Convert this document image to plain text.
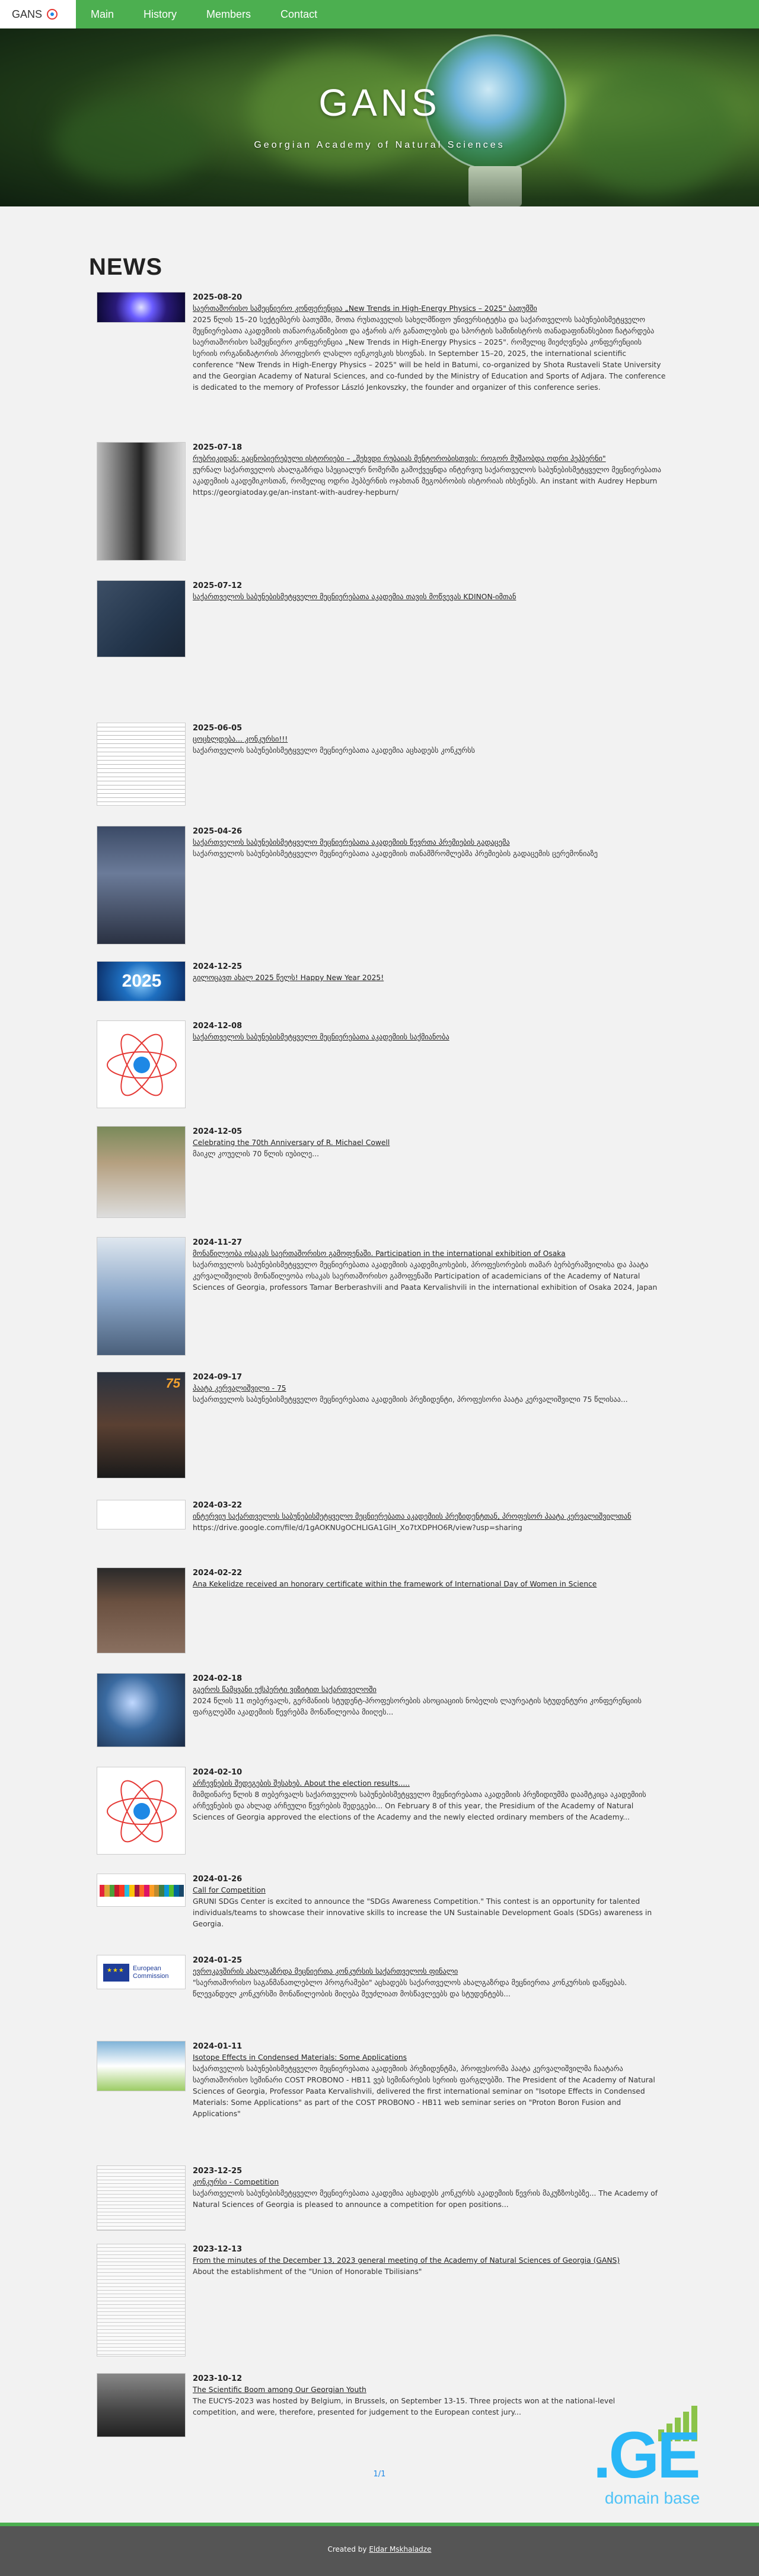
GANS	Main	History	Members	Contact
GANS
Georgian Academy of Natural Sciences
NEWS
2025-08-20
საერთაშორისო სამეცნიერო კონფერენცია „New Trends in High-Energy Physics – 2025" ბათუმში
2025 წლის 15–20 სექტემბერს ბათუმში, შოთა რუსთაველის სახელმწიფო უნივერსიტეტსა და საქართველოს საბუნებისმეტყველო მეცნიერებათა აკადემიის თანაორგანიზებით და აჭარის ა/რ განათლების და სპორტის სამინისტროს თანადაფინანსებით ჩატარდება საერთაშორისო სამეცნიერო კონფერენცია „New Trends in High-Energy Physics – 2025". რომელიც მიეძღვნება კონფერენციის სერიის ორგანიზატორის პროფესორ ლასლო იენკოვსკის ხსოვნას. In September 15–20, 2025, the international scientific conference "New Trends in High-Energy Physics – 2025" will be held in Batumi, co-organized by Shota Rustaveli State University and the Georgian Academy of Natural Sciences, and co-funded by the Ministry of Education and Sports of Adjara. The conference is dedicated to the memory of Professor László Jenkovszky, the founder and organizer of this conference series.
2025-07-18
რუბრიკიდან: გაცნობიერებული ისტორიები – „შეხვდი რუბაიას მენტორობისთვის: როგორ მუშაობდა ოდრი ჰეპბერნი"
ჟურნალ საქართველოს ახალგაზრდა სპეციალურ ნომერში გამოქვეყნდა ინტერვიუ საქართველოს საბუნებისმეტყველო მეცნიერებათა აკადემიის აკადემიკოსთან, რომელიც ოდრი ჰეპბერნის ოჯახთან მეგობრობის ისტორიას იხსენებს. An instant with Audrey Hepburn https://georgiatoday.ge/an-instant-with-audrey-hepburn/
2025-07-12
საქართველოს საბუნებისმეტყველო მეცნიერებათა აკადემია თავის მოწვევას KDINON-იმთან
2025-06-05
ცოცხლდება... კონკურსი!!!
საქართველოს საბუნებისმეტყველო მეცნიერებათა აკადემია აცხადებს კონკურსს
2025-04-26
საქართველოს საბუნებისმეტყველო მეცნიერებათა აკადემიის წევრთა პრემიების გადაცემა
საქართველოს საბუნებისმეტყველო მეცნიერებათა აკადემიის თანამშრომლებმა პრემიების გადაცემის ცერემონიაზე
2025
2024-12-25
გილოცავთ ახალ 2025 წელს! Happy New Year 2025!
2024-12-08
საქართველოს საბუნებისმეტყველო მეცნიერებათა აკადემიის საქმიანობა
2024-12-05
Celebrating the 70th Anniversary of R. Michael Cowell
მაიკლ კოუელის 70 წლის იუბილე...
2024-11-27
მონაწილეობა ოსაკას საერთაშორისო გამოფენაში. Participation in the international exhibition of Osaka
საქართველოს საბუნებისმეტყველო მეცნიერებათა აკადემიის აკადემიკოსების, პროფესორების თამარ ბერბერაშვილისა და პაატა კერვალიშვილის მონაწილეობა ოსაკას საერთაშორისო გამოფენაში Participation of academicians of the Academy of Natural Sciences of Georgia, professors Tamar Berberashvili and Paata Kervalishvili in the international exhibition of Osaka 2024, Japan
75 2024-09-17
პაატა კერვალიშვილი - 75
საქართველოს საბუნებისმეტყველო მეცნიერებათა აკადემიის პრეზიდენტი, პროფესორი პაატა კერვალიშვილი 75 წლისაა...
2024-03-22
ინტერვიუ საქართველოს საბუნებისმეტყველო მეცნიერებათა აკადემიის პრეზიდენტთან, პროფესორ პაატა კერვალიშვილთან
https://drive.google.com/file/d/1gAOKNUgOCHLIGA1GlH_Xo7tXDPHO6R/view?usp=sharing
2024-02-22
Ana Kekelidze received an honorary certificate within the framework of International Day of Women in Science
2024-02-18
გაეროს წამყვანი ექსპერტი ვიზიტით საქართველოში
2024 წლის 11 თებერვალს, გერმანიის სტუდენტ-პროფესორების ასოციაციის ნობელის ლაურეატის სტუდენტური კონფერენციის ფარგლებში აკადემიის წევრებმა მონაწილეობა მიიღეს...
2024-02-10
არჩევნების შედეგების შესახებ. About the election results.....
მიმდინარე წლის 8 თებერვალს საქართველოს საბუნებისმეტყველო მეცნიერებათა აკადემიის პრეზიდიუმმა დაამტკიცა აკადემიის არჩევნების და ახლად არჩეული წევრების შედეგები... On February 8 of this year, the Presidium of the Academy of Natural Sciences of Georgia approved the elections of the Academy and the newly elected ordinary members of the Academy...
2024-01-26
Call for Competition
GRUNI SDGs Center is excited to announce the "SDGs Awareness Competition." This contest is an opportunity for talented individuals/teams to showcase their innovative skills to increase the UN Sustainable Development Goals (SDGs) awareness in Georgia.
★★★
European Commission
2024-01-25
ევროკავშირის ახალგაზრდა მეცნიერთა კონკურსის საქართველოს ფინალი
"საერთაშორისო საგანმანათლებლო პროგრამები" აცხადებს საქართველოს ახალგაზრდა მეცნიერთა კონკურსის დაწყებას. წლევანდელ კონკურსში მონაწილეობის მიღება შეუძლიათ მოსწავლეებს და სტუდენტებს...
2024-01-11
Isotope Effects in Condensed Materials: Some Applications
საქართველოს საბუნებისმეტყველო მეცნიერებათა აკადემიის პრეზიდენტმა, პროფესორმა პაატა კერვალიშვილმა ჩაატარა საერთაშორისო სემინარი COST PROBONO - HB11 ვებ სემინარების სერიის ფარგლებში. The President of the Academy of Natural Sciences of Georgia, Professor Paata Kervalishvili, delivered the first international seminar on "Isotope Effects in Condensed Materials: Some Applications" as part of the COST PROBONO - HB11 web seminar series on "Proton Boron Fusion and Applications"
2023-12-25
კონკურსი - Competition
საქართველოს საბუნებისმეტყველო მეცნიერებათა აკადემია აცხადებს კონკურსს აკადემიის წევრის მაკუზზოსებზე... The Academy of Natural Sciences of Georgia is pleased to announce a competition for open positions...
2023-12-13
From the minutes of the December 13, 2023 general meeting of the Academy of Natural Sciences of Georgia (GANS)
About the establishment of the "Union of Honorable Tbilisians"
2023-10-12
The Scientific Boom among Our Georgian Youth
The EUCYS-2023 was hosted by Belgium, in Brussels, on September 13-15. Three projects won at the national-level competition, and were, therefore, presented for judgement to the European contest jury...
1/1	.GE
domain base
Created by Eldar Mskhaladze
